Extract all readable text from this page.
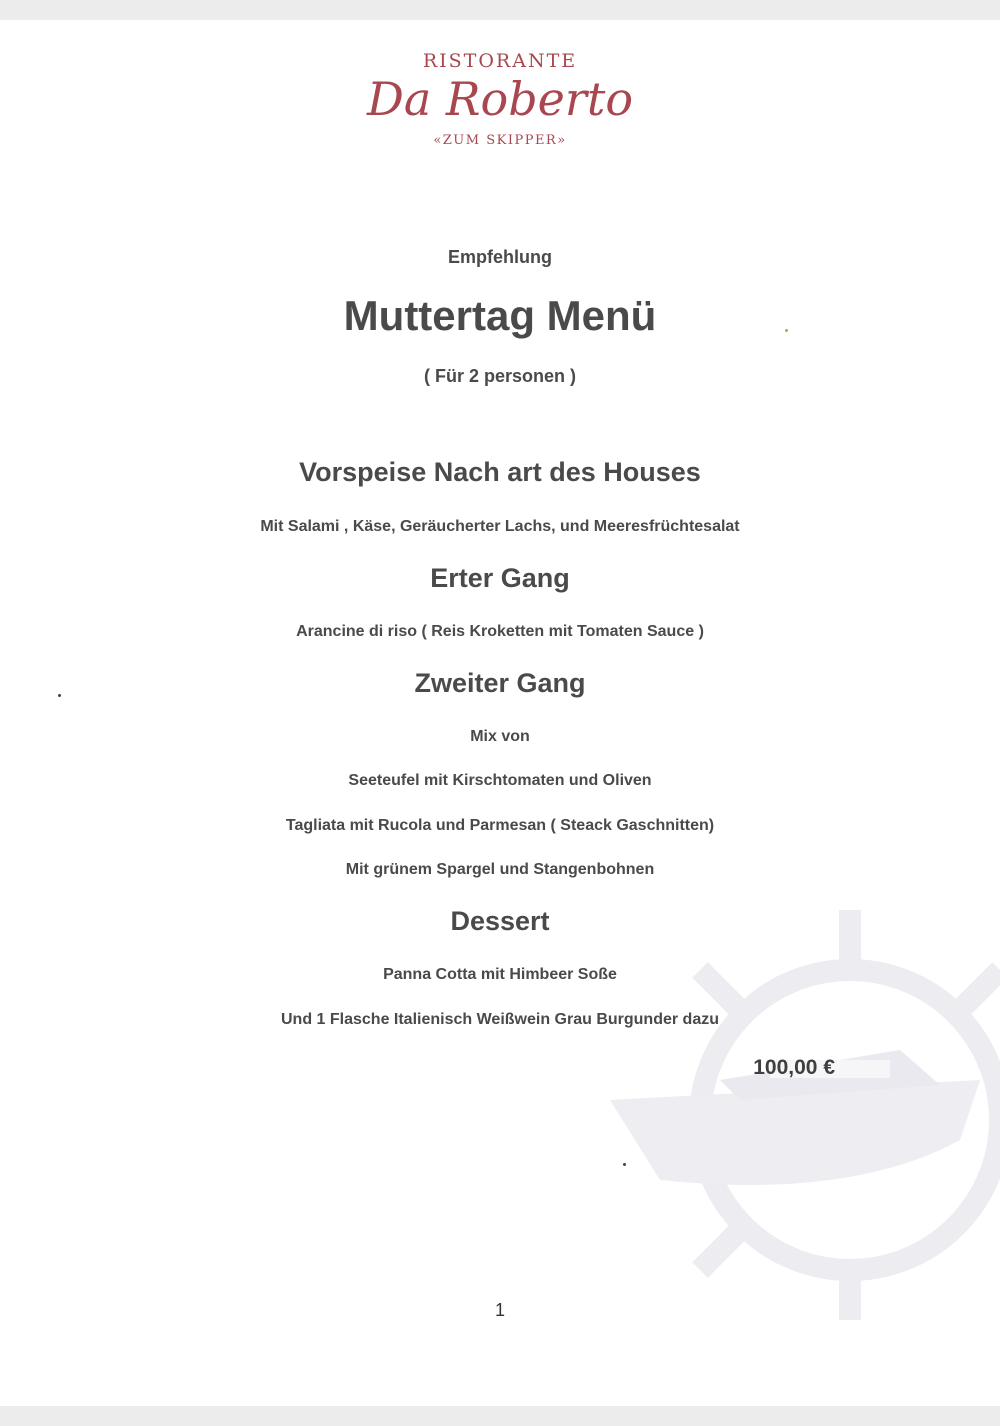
RISTORANTE
Da Roberto
«ZUM SKIPPER»
Empfehlung
Muttertag Menü
( Für 2 personen )
Vorspeise Nach art des Houses
Mit Salami , Käse, Geräucherter Lachs, und Meeresfrüchtesalat
Erter Gang
Arancine di riso ( Reis Kroketten mit Tomaten Sauce )
Zweiter Gang
Mix von
Seeteufel mit Kirschtomaten und Oliven
Tagliata mit Rucola und Parmesan ( Steack Gaschnitten)
Mit grünem Spargel und Stangenbohnen
Dessert
Panna Cotta mit Himbeer Soße
Und 1 Flasche Italienisch Weißwein Grau Burgunder dazu
100,00 €
1
